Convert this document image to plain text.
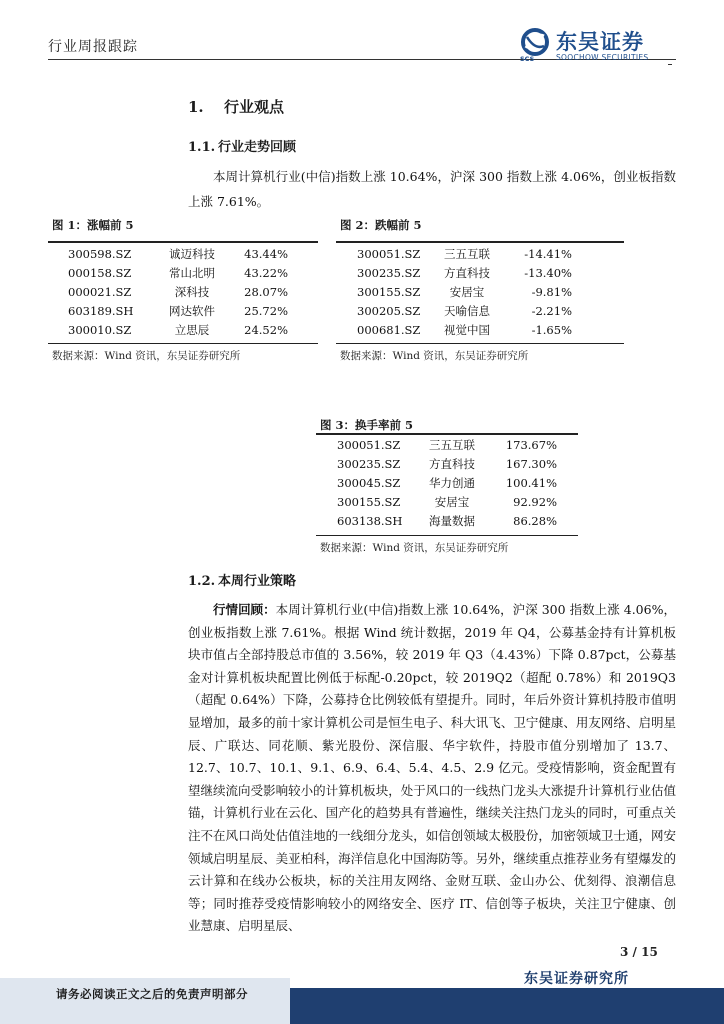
行业周报跟踪	东吴证券
SCS	SOOCHOW SECURITIES
1. 行业观点
1.1. 行业走势回顾
本周计算机行业(中信)指数上涨 10.64%，沪深 300 指数上涨 4.06%，创业板指数上涨 7.61%。
图 1：涨幅前 5
300598.SZ	诚迈科技	43.44%
000158.SZ	常山北明	43.22%
000021.SZ	深科技	28.07%
603189.SH	网达软件	25.72%
300010.SZ	立思辰	24.52%
数据来源：Wind 资讯，东吴证券研究所
图 2：跌幅前 5
300051.SZ	三五互联	-14.41%
300235.SZ	方直科技	-13.40%
300155.SZ	安居宝	-9.81%
300205.SZ	天喻信息	-2.21%
000681.SZ	视觉中国	-1.65%
数据来源：Wind 资讯，东吴证券研究所
图 3：换手率前 5
300051.SZ	三五互联	173.67%
300235.SZ	方直科技	167.30%
300045.SZ	华力创通	100.41%
300155.SZ	安居宝	92.92%
603138.SH	海量数据	86.28%
数据来源：Wind 资讯，东吴证券研究所
1.2. 本周行业策略
行情回顾：本周计算机行业(中信)指数上涨 10.64%，沪深 300 指数上涨 4.06%，创业板指数上涨 7.61%。根据 Wind 统计数据，2019 年 Q4，公募基金持有计算机板块市值占全部持股总市值的 3.56%，较 2019 年 Q3（4.43%）下降 0.87pct，公募基金对计算机板块配置比例低于标配-0.20pct，较 2019Q2（超配 0.78%）和 2019Q3（超配 0.64%）下降，公募持仓比例较低有望提升。同时，年后外资计算机持股市值明显增加，最多的前十家计算机公司是恒生电子、科大讯飞、卫宁健康、用友网络、启明星辰、广联达、同花顺、紫光股份、深信服、华宇软件，持股市值分别增加了 13.7、12.7、10.7、10.1、9.1、6.9、6.4、5.4、4.5、2.9 亿元。受疫情影响，资金配置有望继续流向受影响较小的计算机板块，处于风口的一线热门龙头大涨提升计算机行业估值锚，计算机行业在云化、国产化的趋势具有普遍性，继续关注热门龙头的同时，可重点关注不在风口尚处估值洼地的一线细分龙头，如信创领域太极股份，加密领域卫士通，网安领域启明星辰、美亚柏科，海洋信息化中国海防等。另外，继续重点推荐业务有望爆发的云计算和在线办公板块，标的关注用友网络、金财互联、金山办公、优刻得、浪潮信息等；同时推荐受疫情影响较小的网络安全、医疗 IT、信创等子板块，关注卫宁健康、创业慧康、启明星辰、
3 / 15
东吴证券研究所
请务必阅读正文之后的免责声明部分
